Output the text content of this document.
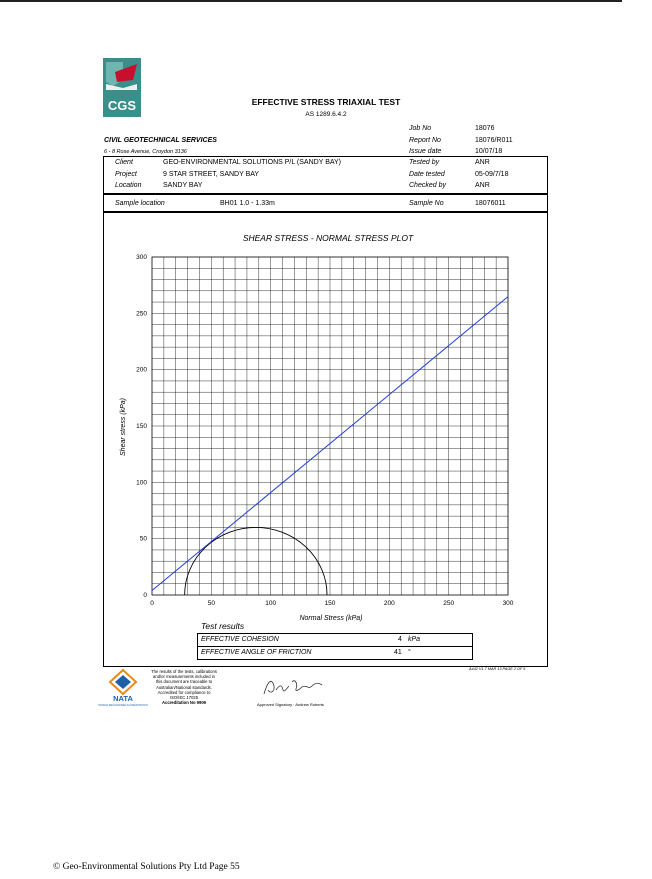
CGS	EFFECTIVE STRESS TRIAXIAL TEST
AS 1289.6.4.2
CIVIL GEOTECHNICAL SERVICES
6 - 8 Rose Avenue, Croydon 3136
Job No	18076
Report No	18076/R011
Issue date	10/07/18
Client	GEO-ENVIRONMENTAL SOLUTIONS P/L (SANDY BAY)
Project	9 STAR STREET, SANDY BAY
Location	SANDY BAY
Tested by	ANR
Date tested	05-09/7/18
Checked by	ANR
Sample location	BH01 1.0 - 1.33m	Sample No	18076011
SHEAR STRESS - NORMAL STRESS PLOT
0	50	100	150	200	250	300
0
50
100
150
200
250
300
Shear stress (kPa)
Normal Stress (kPa)
Test results
EFFECTIVE COHESION	4 kPa
EFFECTIVE ANGLE OF FRICTION	41 °
A442 V1.7 MAR 13 PAGE 2 OF 5
NATA
WORLD RECOGNISED ACCREDITATION
The results of the tests, calibrations
and/or measurements included in
this document are traceable to
Australian/National standards.
Accredited for compliance to
ISO/IEC 17025
Accreditation No 9909	Approved Signatory : Andrew Roberts
© Geo-Environmental Solutions Pty Ltd Page 55
